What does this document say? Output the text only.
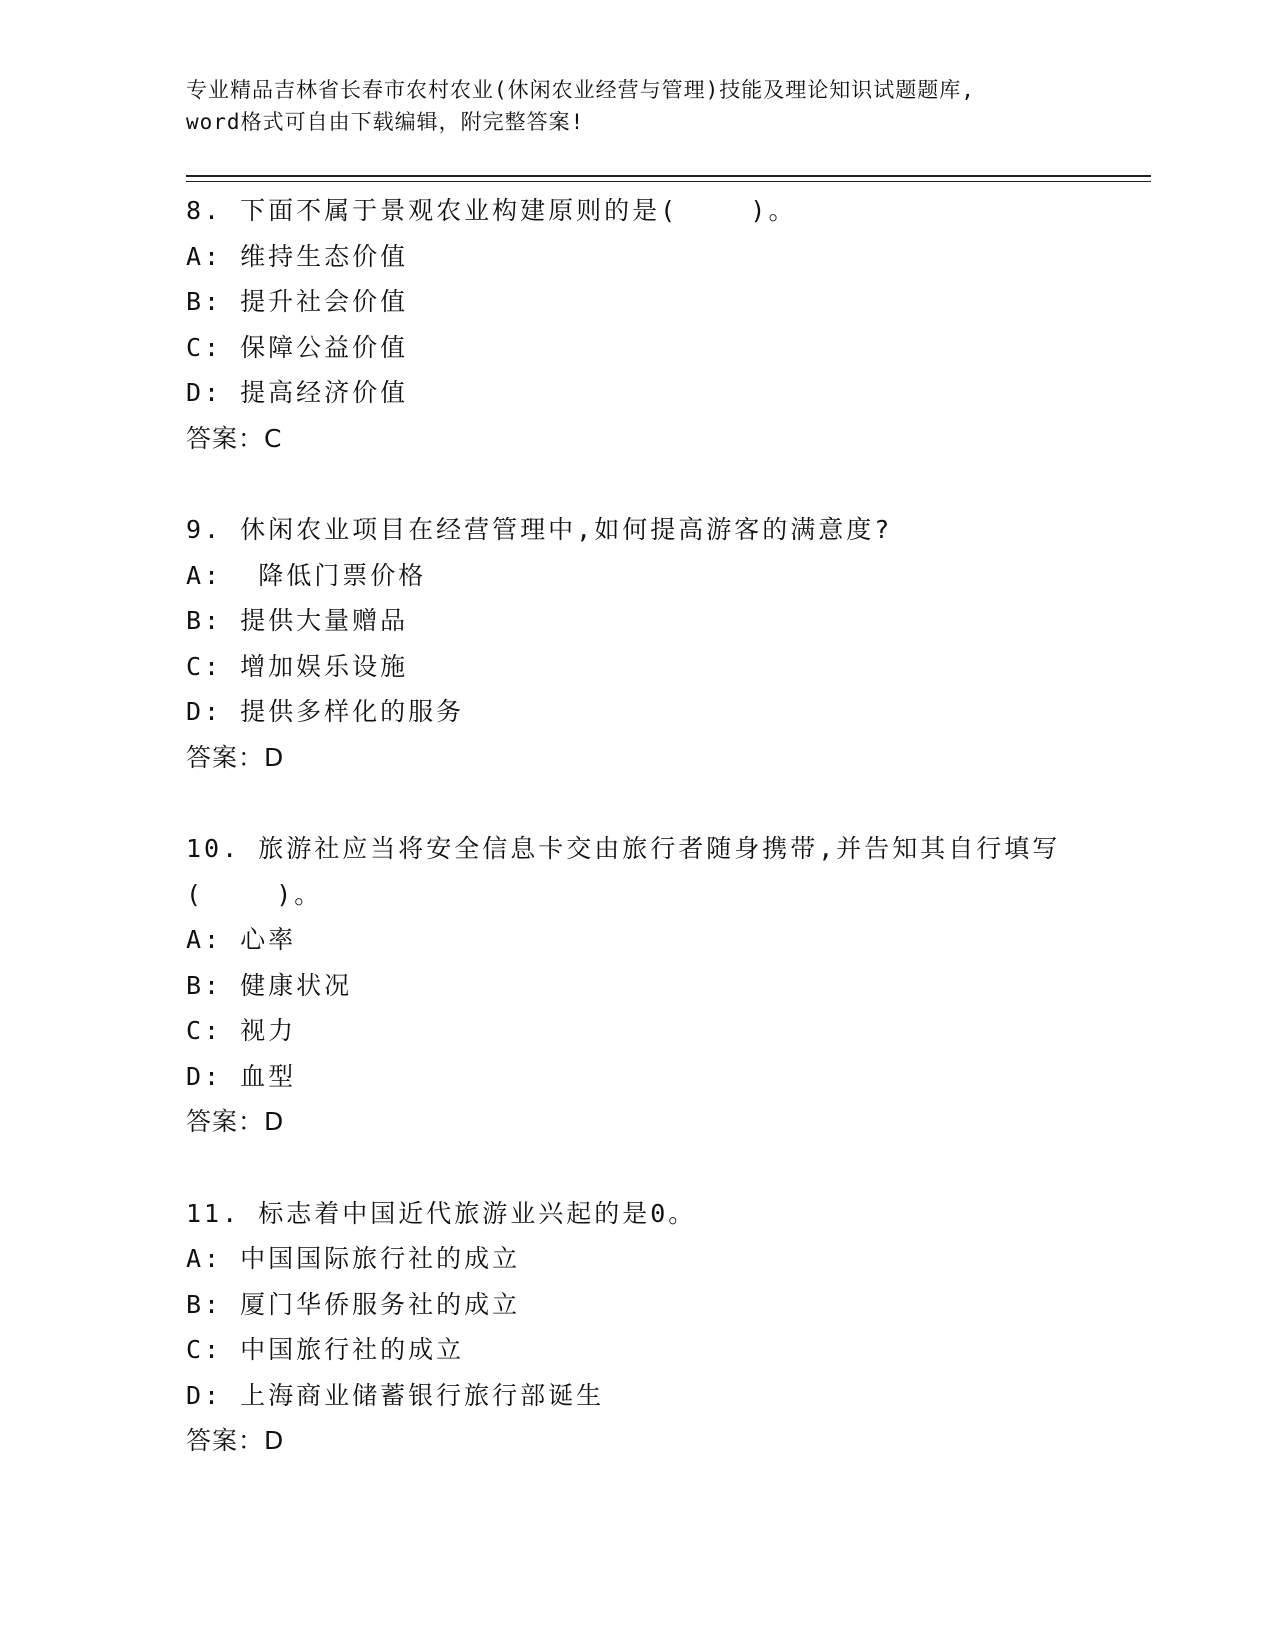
专业精品吉林省长春市农村农业(休闲农业经营与管理)技能及理论知识试题题库,
word格式可自由下载编辑，附完整答案!

8. 下面不属于景观农业构建原则的是(    )。

A: 维持生态价值

B: 提升社会价值

C: 保障公益价值

D: 提高经济价值

答案：C

9. 休闲农业项目在经营管理中,如何提高游客的满意度?

A:  降低门票价格

B: 提供大量赠品

C: 增加娱乐设施

D: 提供多样化的服务

答案：D

10. 旅游社应当将安全信息卡交由旅行者随身携带,并告知其自行填写

(    )。

A: 心率

B: 健康状况

C: 视力

D: 血型

答案：D

11. 标志着中国近代旅游业兴起的是0。

A: 中国国际旅行社的成立

B: 厦门华侨服务社的成立

C: 中国旅行社的成立

D: 上海商业储蓄银行旅行部诞生

答案：D
